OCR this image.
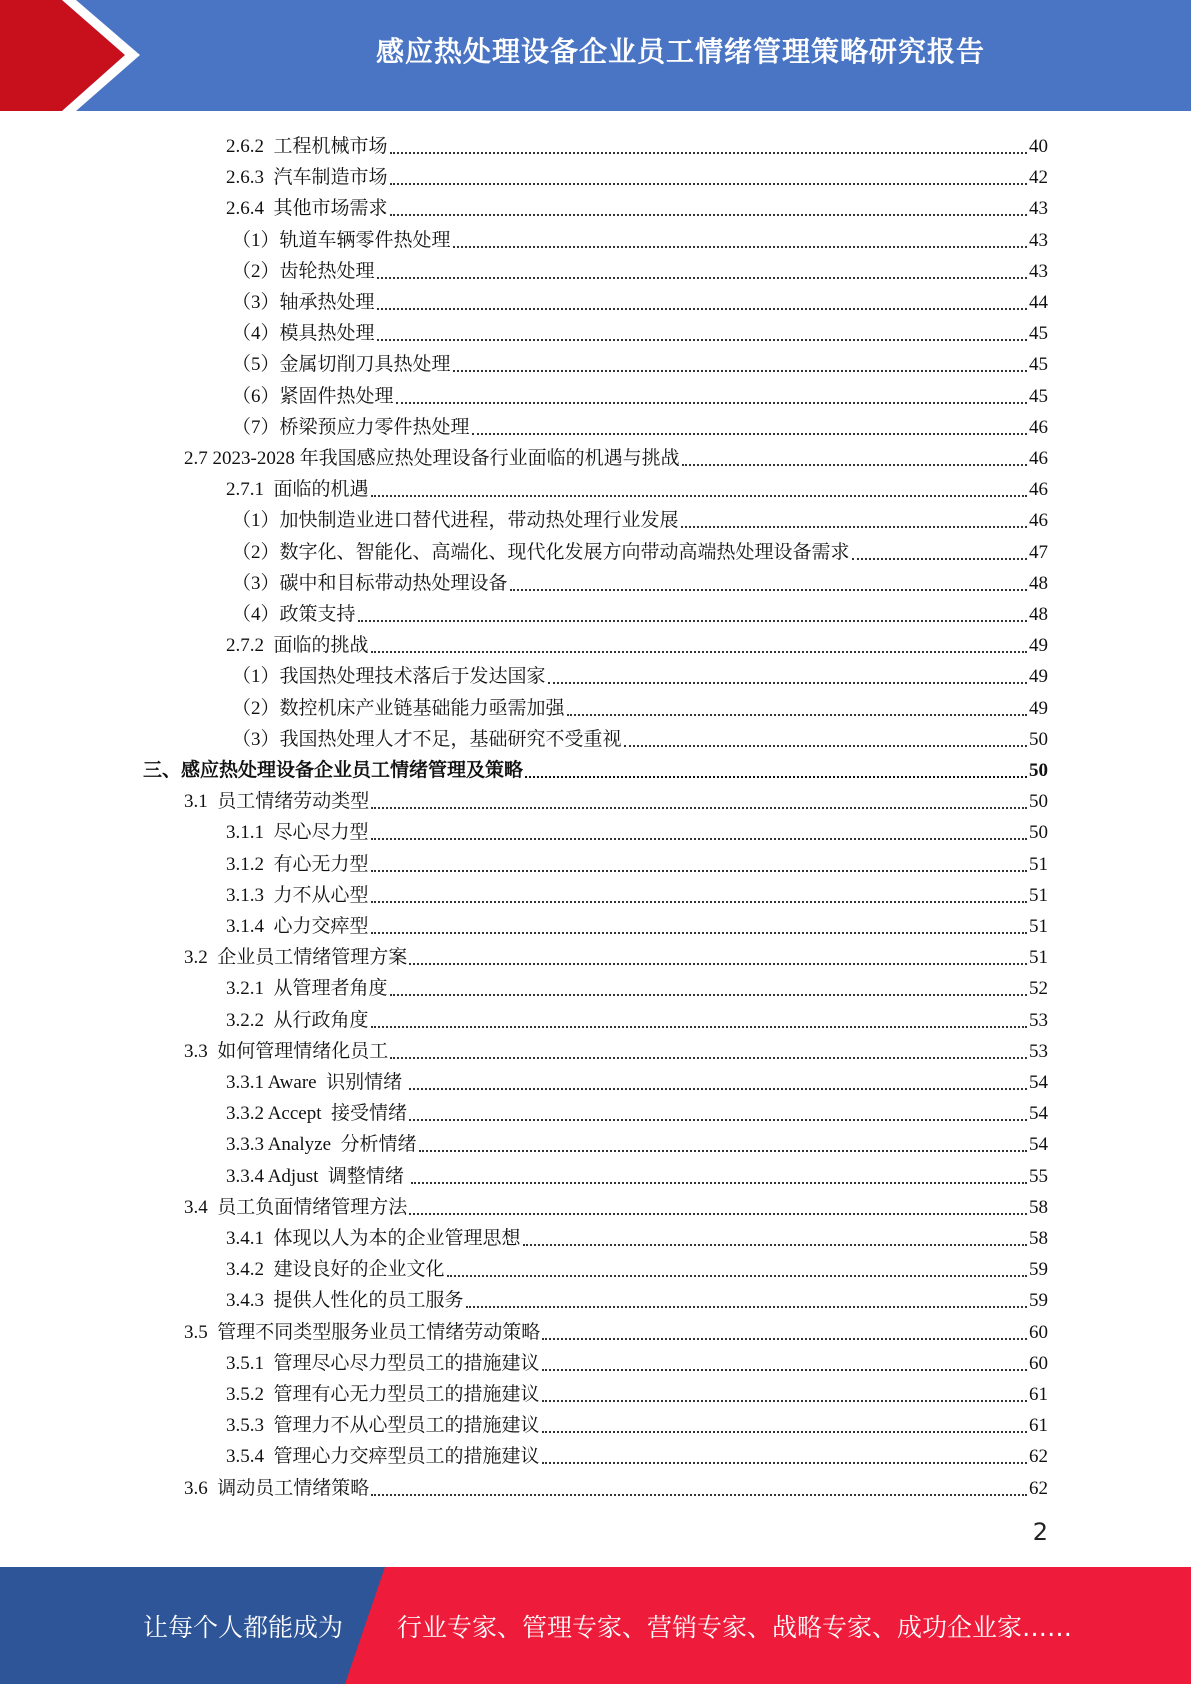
感应热处理设备企业员工情绪管理策略研究报告
2.6.2  工程机械市场	40
2.6.3  汽车制造市场	42
2.6.4  其他市场需求	43
（1）轨道车辆零件热处理	43
（2）齿轮热处理	43
（3）轴承热处理	44
（4）模具热处理	45
（5）金属切削刀具热处理	45
（6）紧固件热处理	45
（7）桥梁预应力零件热处理	46
2.7 2023-2028 年我国感应热处理设备行业面临的机遇与挑战	46
2.7.1  面临的机遇	46
（1）加快制造业进口替代进程，带动热处理行业发展	46
（2）数字化、智能化、高端化、现代化发展方向带动高端热处理设备需求	47
（3）碳中和目标带动热处理设备	48
（4）政策支持	48
2.7.2  面临的挑战	49
（1）我国热处理技术落后于发达国家	49
（2）数控机床产业链基础能力亟需加强	49
（3）我国热处理人才不足，基础研究不受重视	50
三、感应热处理设备企业员工情绪管理及策略	50
3.1  员工情绪劳动类型	50
3.1.1  尽心尽力型	50
3.1.2  有心无力型	51
3.1.3  力不从心型	51
3.1.4  心力交瘁型	51
3.2  企业员工情绪管理方案	51
3.2.1  从管理者角度	52
3.2.2  从行政角度	53
3.3  如何管理情绪化员工	53
3.3.1 Aware  识别情绪	54
3.3.2 Accept  接受情绪	54
3.3.3 Analyze  分析情绪	54
3.3.4 Adjust  调整情绪	55
3.4  员工负面情绪管理方法	58
3.4.1  体现以人为本的企业管理思想	58
3.4.2  建设良好的企业文化	59
3.4.3  提供人性化的员工服务	59
3.5  管理不同类型服务业员工情绪劳动策略	60
3.5.1  管理尽心尽力型员工的措施建议	60
3.5.2  管理有心无力型员工的措施建议	61
3.5.3  管理力不从心型员工的措施建议	61
3.5.4  管理心力交瘁型员工的措施建议	62
3.6  调动员工情绪策略	62
2
让每个人都能成为 行业专家、管理专家、营销专家、战略专家、成功企业家……
